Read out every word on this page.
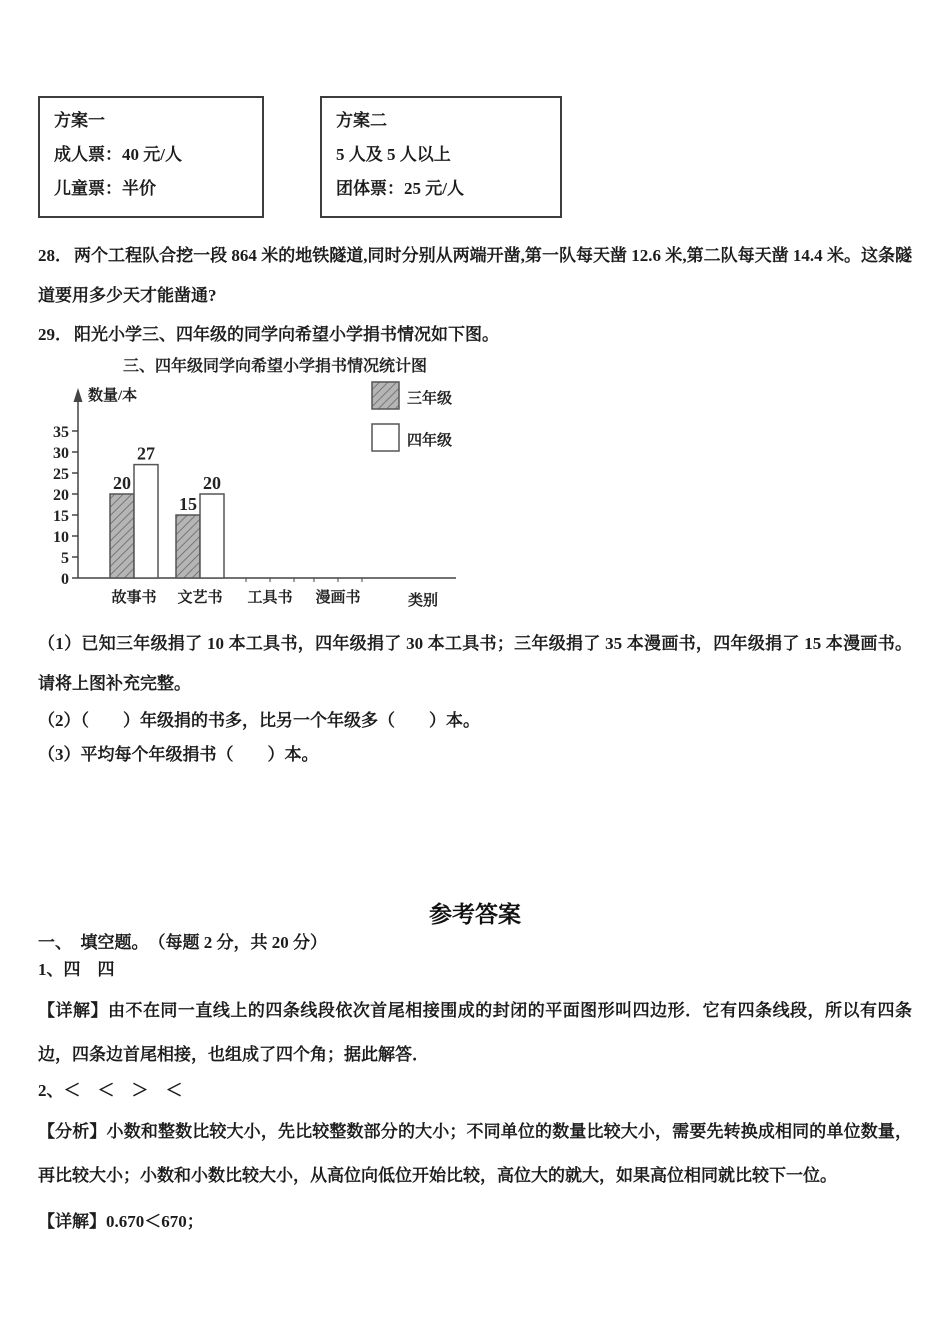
方案一

成人票：40 元/人

儿童票：半价

方案二

5 人及 5 人以上

团体票：25 元/人

28． 两个工程队合挖一段 864 米的地铁隧道,同时分别从两端开凿,第一队每天凿 12.6 米,第二队每天凿 14.4 米。这条隧道要用多少天才能凿通?

29． 阳光小学三、四年级的同学向希望小学捐书情况如下图。

三、四年级同学向希望小学捐书情况统计图

0
5
10
15
20
25
30
35
数量/本
类别
故事书
20
27
文艺书
15
20
工具书 漫画书
三年级
四年级

（1）已知三年级捐了 10 本工具书，四年级捐了 30 本工具书；三年级捐了 35 本漫画书，四年级捐了 15 本漫画书。请将上图补充完整。

（2）（　　）年级捐的书多，比另一个年级多（　　）本。

（3）平均每个年级捐书（　　）本。

参考答案

一、　填空题。　（每题 2 分，共 20 分）

1、四　四

【详解】由不在同一直线上的四条线段依次首尾相接围成的封闭的平面图形叫四边形．它有四条线段，所以有四条边，四条边首尾相接，也组成了四个角；据此解答．

2、＜　＜　＞　＜

【分析】小数和整数比较大小，先比较整数部分的大小；不同单位的数量比较大小，需要先转换成相同的单位数量，再比较大小；小数和小数比较大小，从高位向低位开始比较，高位大的就大，如果高位相同就比较下一位。

【详解】0.670＜670；
